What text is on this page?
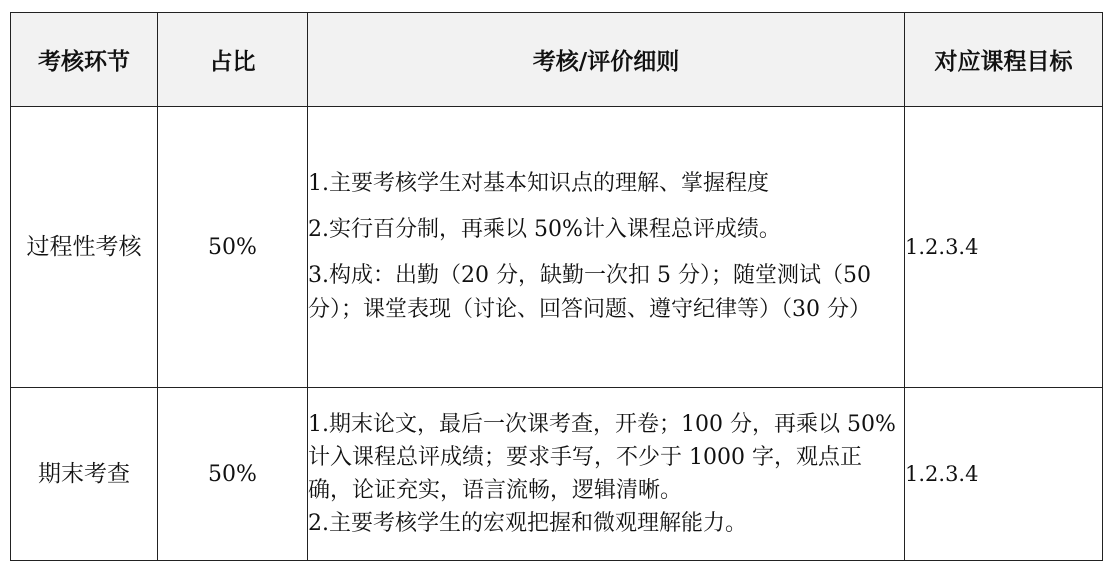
考核环节	占比	考核/评价细则	对应课程目标
过程性考核	50%	1.主要考核学生对基本知识点的理解、掌握程度

2.实行百分制，再乘以 50%计入课程总评成绩。

3.构成：出勤（20 分，缺勤一次扣 5 分）；随堂测试（50 分）；课堂表现（讨论、回答问题、遵守纪律等）（30 分）	1.2.3.4
期末考查	50%	1.期末论文，最后一次课考查，开卷；100 分，再乘以 50%计入课程总评成绩；要求手写，不少于 1000 字，观点正确，论证充实，语言流畅，逻辑清晰。

2.主要考核学生的宏观把握和微观理解能力。	1.2.3.4
